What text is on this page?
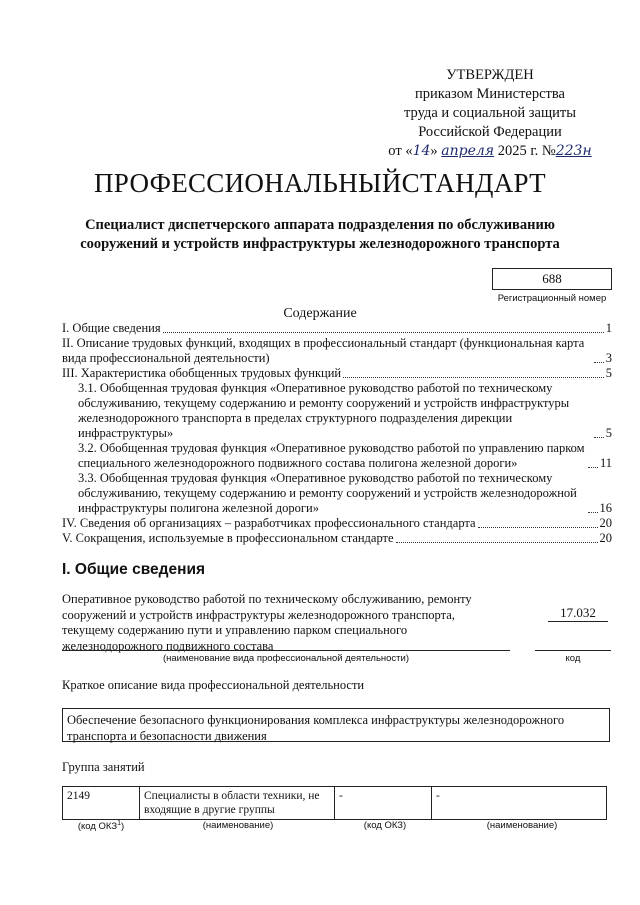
УТВЕРЖДЕН
приказом Министерства
труда и социальной защиты
Российской Федерации
от «14» апреля 2025 г. №223н
ПРОФЕССИОНАЛЬНЫЙСТАНДАРТ
Специалист диспетчерского аппарата подразделения по обслуживанию сооружений и устройств инфраструктуры железнодорожного транспорта
688
Регистрационный номер
Содержание
I. Общие сведения	1
II. Описание трудовых функций, входящих в профессиональный стандарт (функциональная карта вида профессиональной деятельности)	3
III. Характеристика обобщенных трудовых функций	5
3.1. Обобщенная трудовая функция «Оперативное руководство работой по техническому обслуживанию, текущему содержанию и ремонту сооружений и устройств инфраструктуры железнодорожного транспорта в пределах структурного подразделения дирекции инфраструктуры»	5
3.2. Обобщенная трудовая функция «Оперативное руководство работой по управлению парком специального железнодорожного подвижного состава полигона железной дороги»	11
3.3. Обобщенная трудовая функция «Оперативное руководство работой по техническому обслуживанию, текущему содержанию и ремонту сооружений и устройств железнодорожной инфраструктуры полигона железной дороги»	16
IV. Сведения об организациях – разработчиках профессионального стандарта	20
V. Сокращения, используемые в профессиональном стандарте	20
I. Общие сведения
Оперативное руководство работой по техническому обслуживанию, ремонту сооружений и устройств инфраструктуры железнодорожного транспорта, текущему содержанию пути и управлению парком специального железнодорожного подвижного состава
17.032
(наименование вида профессиональной деятельности)	код
Краткое описание вида профессиональной деятельности
Обеспечение безопасного функционирования комплекса инфраструктуры железнодорожного транспорта и безопасности движения
Группа занятий
2149	Специалисты в области техники, не входящие в другие группы	-	-
(код ОКЗ$^1$)	(наименование)	(код ОКЗ)	(наименование)
